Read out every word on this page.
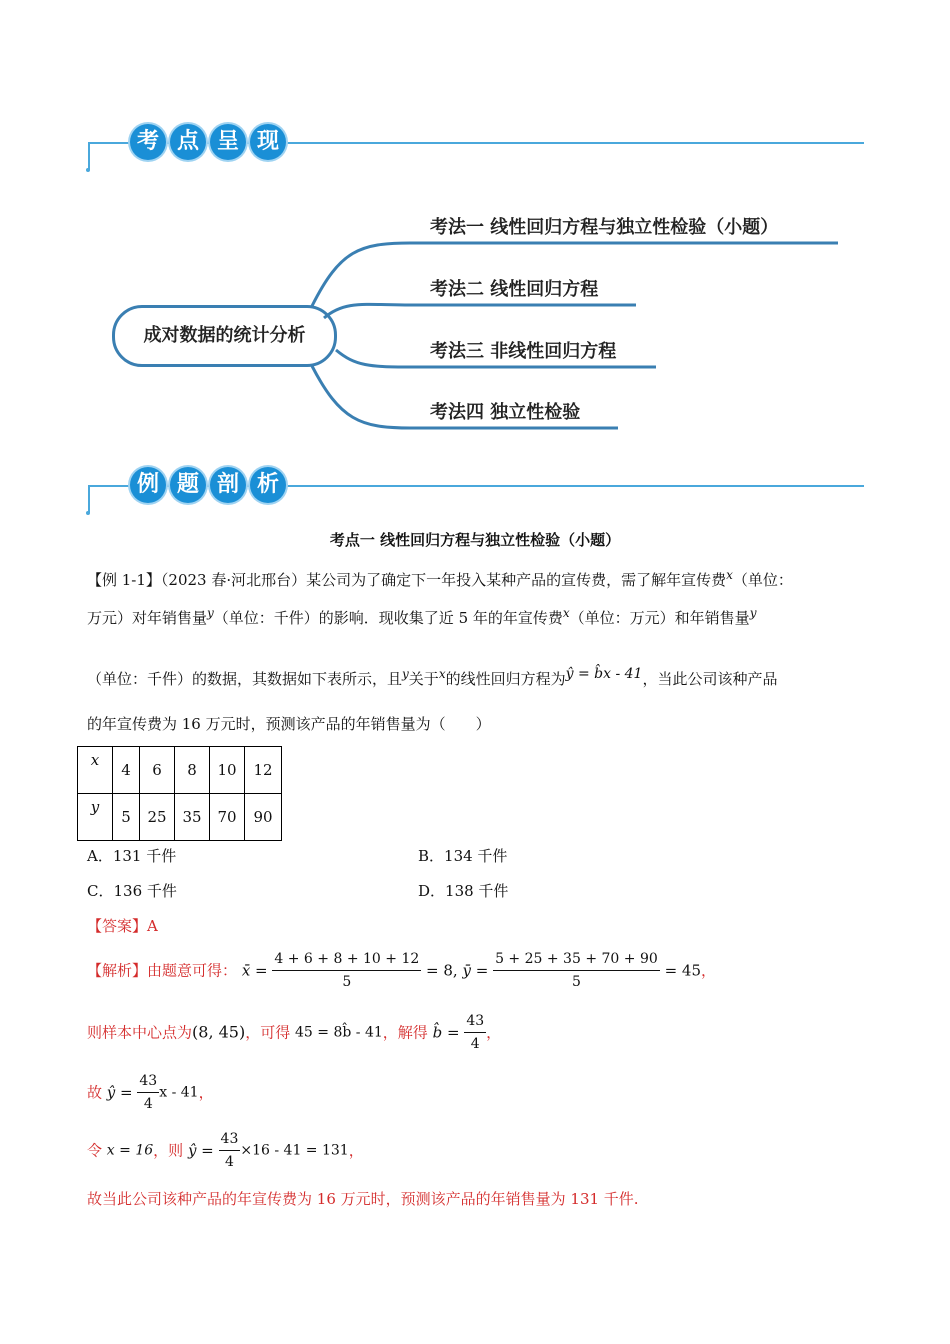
考 点 呈 现
成对数据的统计分析
考法一 线性回归方程与独立性检验（小题）
考法二 线性回归方程
考法三 非线性回归方程
考法四 独立性检验
例 题 剖 析
考点一 线性回归方程与独立性检验（小题）
【例 1-1】（2023 春·河北邢台）某公司为了确定下一年投入某种产品的宣传费，需了解年宣传费$^x$（单位：
万元）对年销售量$^y$（单位：千件）的影响．现收集了近 5 年的年宣传费$^x$（单位：万元）和年销售量$^y$
（单位：千件）的数据，其数据如下表所示，且$^y$关于$^x$的线性回归方程为$^{ŷ = b̂x - 41}$，当此公司该种产品
的年宣传费为 16 万元时，预测该产品的年销售量为（　　）
x	4	6	8	10	12
y	5	25	35	70	90
A．131 千件	B．134 千件
C．136 千件	D．138 千件
【答案】A
【解析】由题意可得： x̄ = $\frac{4 + 6 + 8 + 10 + 12}{5} = 8$, ȳ = $\frac{5 + 25 + 35 + 70 + 90}{5} = 45$，
则样本中心点为(8, 45)，可得 45 = 8b̂ - 41，解得 b̂ = $\frac{43}{4}$ ，
故 ŷ = $\frac{43}{4}$ x - 41，
令 x = 16，则 ŷ = $\frac{43}{4} \times 16 - 41 = 131$，
故当此公司该种产品的年宣传费为 16 万元时，预测该产品的年销售量为 131 千件.
